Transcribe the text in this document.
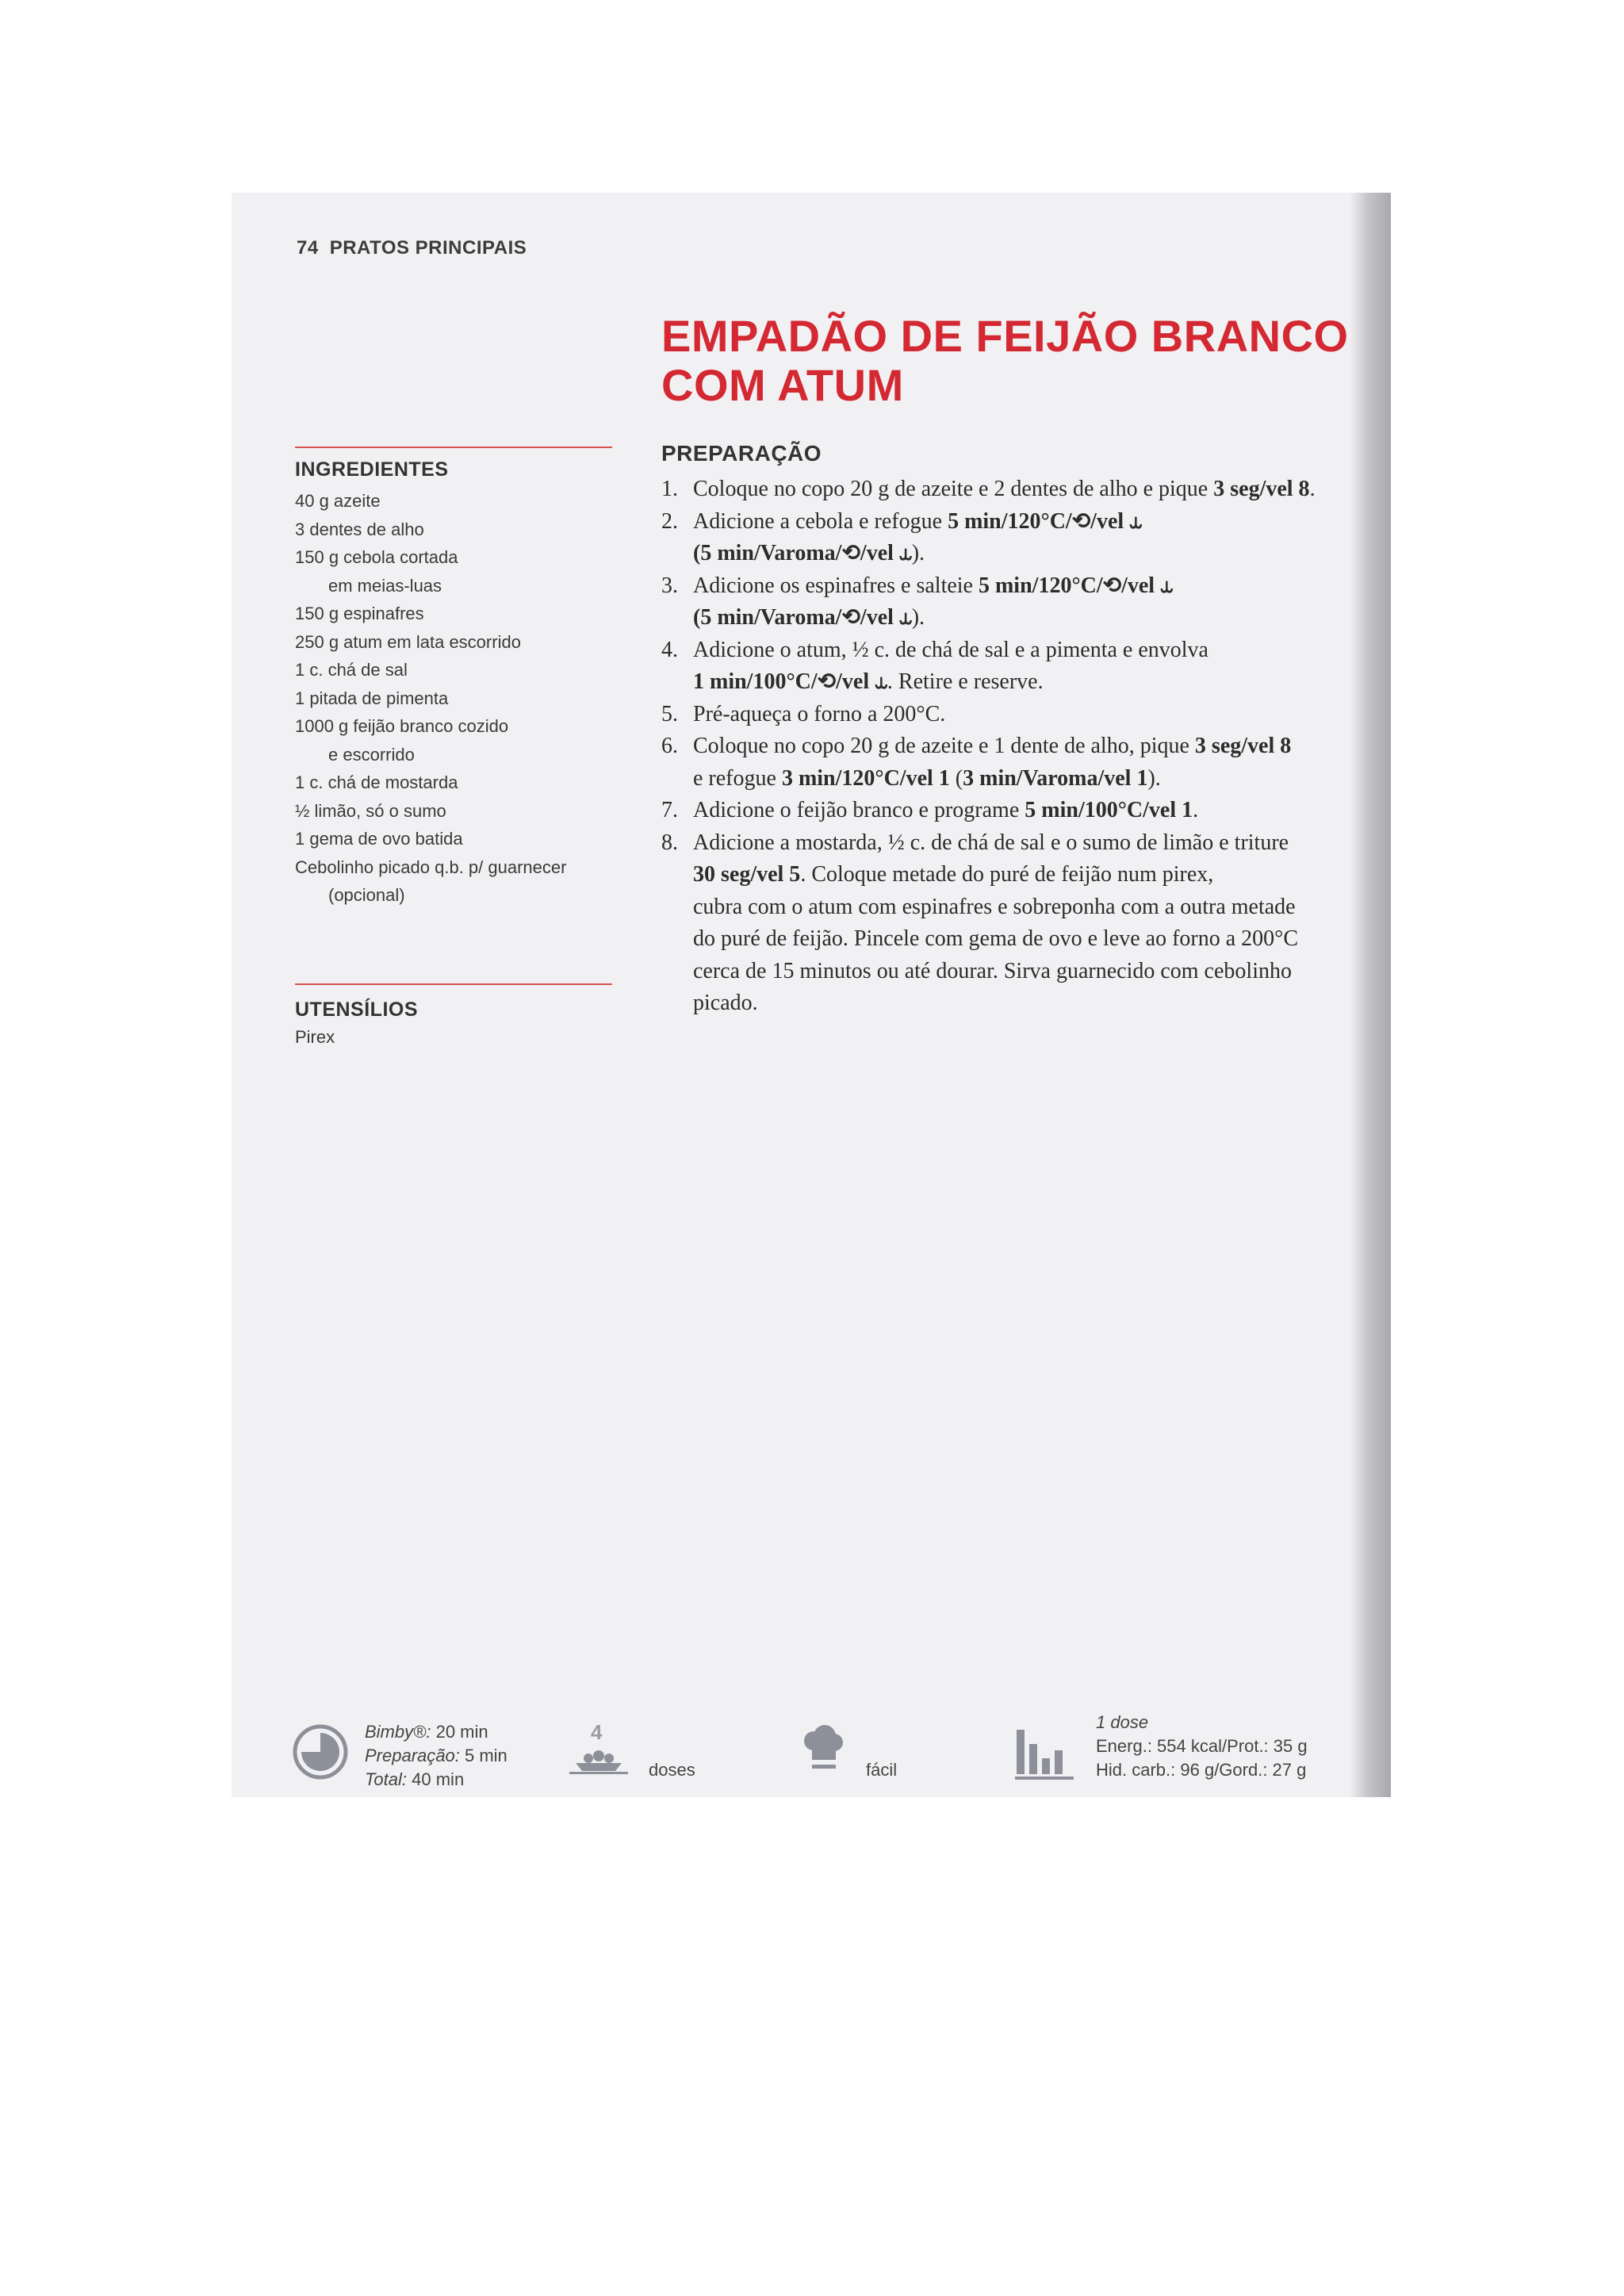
74 PRATOS PRINCIPAIS
EMPADÃO DE FEIJÃO BRANCO
COM ATUM
INGREDIENTES
40 g azeite
3 dentes de alho
150 g cebola cortada
em meias-luas
150 g espinafres
250 g atum em lata escorrido
1 c. chá de sal
1 pitada de pimenta
1000 g feijão branco cozido
e escorrido
1 c. chá de mostarda
½ limão, só o sumo
1 gema de ovo batida
Cebolinho picado q.b. p/ guarnecer
(opcional)
UTENSÍLIOS
Pirex
PREPARAÇÃO
1. Coloque no copo 20 g de azeite e 2 dentes de alho e pique 3 seg/vel 8.
2. Adicione a cebola e refogue 5 min/120°C/⟲/vel ⥿
(5 min/Varoma/⟲/vel ⥿).
3. Adicione os espinafres e salteie 5 min/120°C/⟲/vel ⥿
(5 min/Varoma/⟲/vel ⥿).
4. Adicione o atum, ½ c. de chá de sal e a pimenta e envolva
1 min/100°C/⟲/vel ⥿. Retire e reserve.
5. Pré-aqueça o forno a 200°C.
6. Coloque no copo 20 g de azeite e 1 dente de alho, pique 3 seg/vel 8
e refogue 3 min/120°C/vel 1 (3 min/Varoma/vel 1).
7. Adicione o feijão branco e programe 5 min/100°C/vel 1.
8. Adicione a mostarda, ½ c. de chá de sal e o sumo de limão e triture
30 seg/vel 5. Coloque metade do puré de feijão num pirex,
cubra com o atum com espinafres e sobreponha com a outra metade
do puré de feijão. Pincele com gema de ovo e leve ao forno a 200°C
cerca de 15 minutos ou até dourar. Sirva guarnecido com cebolinho
picado.
Bimby®: 20 min
Preparação: 5 min
Total: 40 min
4
doses	fácil
1 dose
Energ.: 554 kcal/Prot.: 35 g
Hid. carb.: 96 g/Gord.: 27 g
